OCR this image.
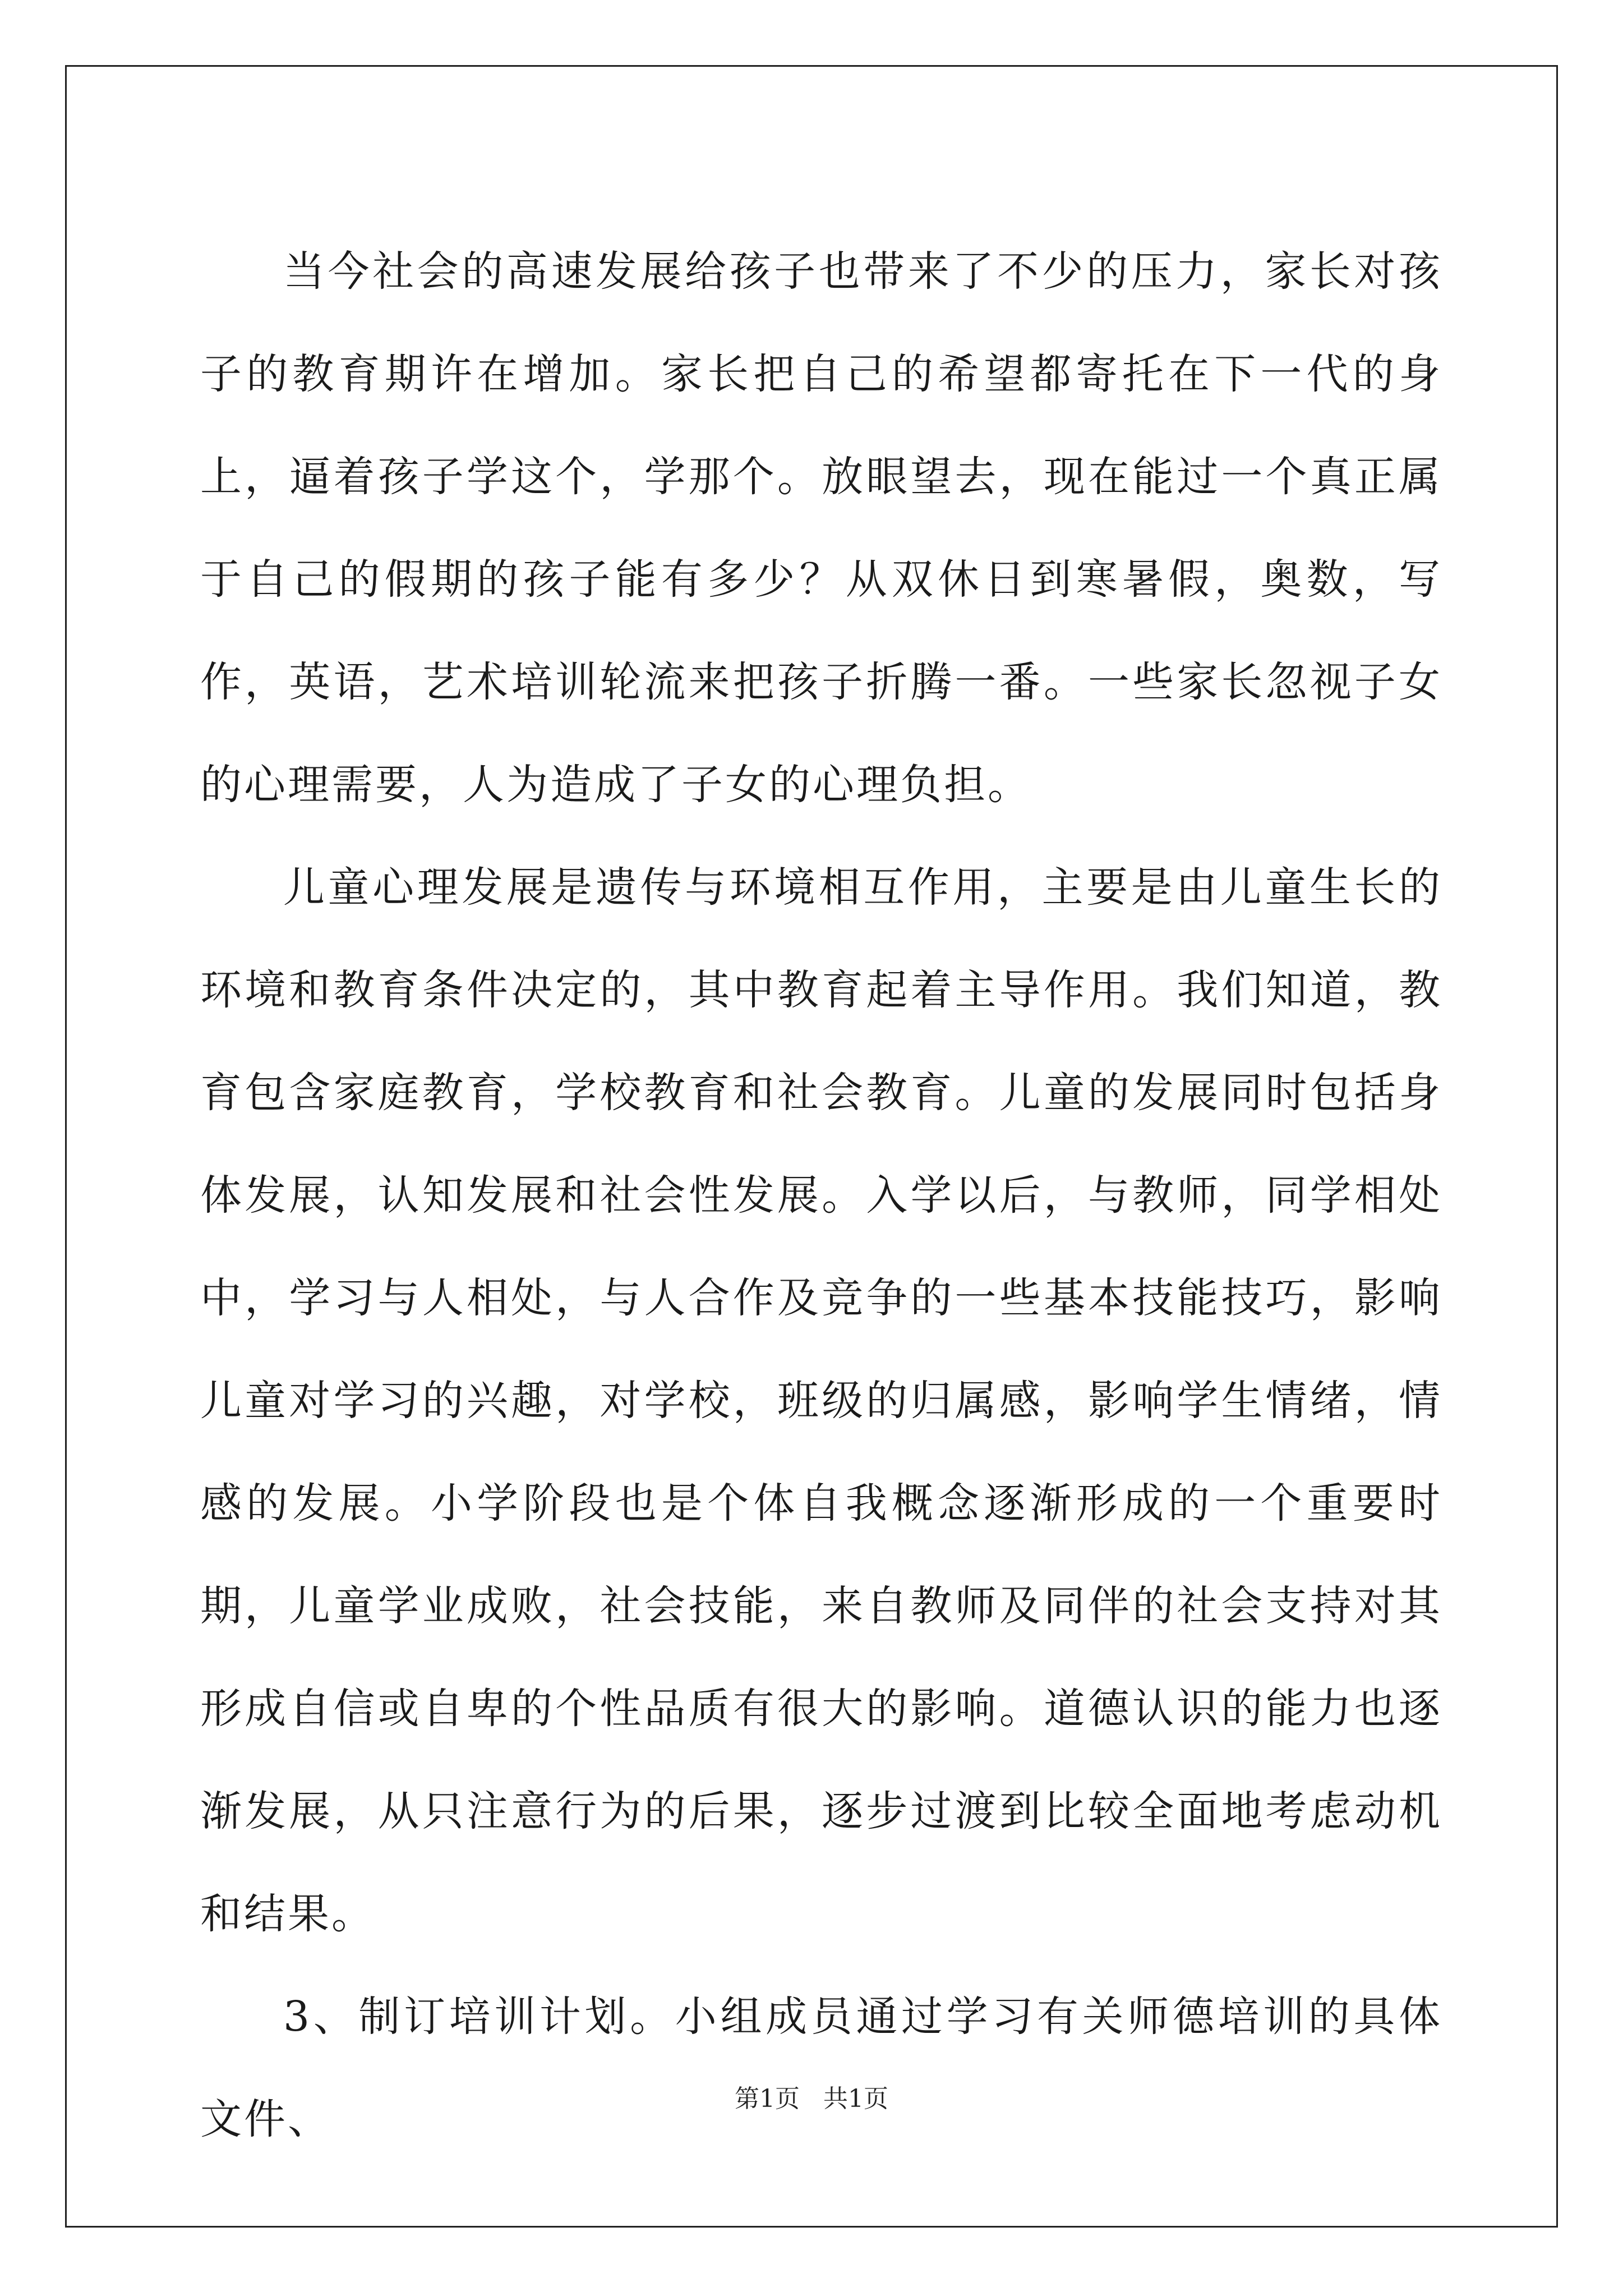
当今社会的高速发展给孩子也带来了不少的压力，家长对孩子的教育期许在增加。家长把自己的希望都寄托在下一代的身上，逼着孩子学这个，学那个。放眼望去，现在能过一个真正属于自己的假期的孩子能有多少？从双休日到寒暑假，奥数，写作，英语，艺术培训轮流来把孩子折腾一番。一些家长忽视子女的心理需要，人为造成了子女的心理负担。

儿童心理发展是遗传与环境相互作用，主要是由儿童生长的环境和教育条件决定的，其中教育起着主导作用。我们知道，教育包含家庭教育，学校教育和社会教育。儿童的发展同时包括身体发展，认知发展和社会性发展。入学以后，与教师，同学相处中，学习与人相处，与人合作及竞争的一些基本技能技巧，影响儿童对学习的兴趣，对学校，班级的归属感，影响学生情绪，情感的发展。小学阶段也是个体自我概念逐渐形成的一个重要时期，儿童学业成败，社会技能，来自教师及同伴的社会支持对其形成自信或自卑的个性品质有很大的影响。道德认识的能力也逐渐发展，从只注意行为的后果，逐步过渡到比较全面地考虑动机和结果。

3、制订培训计划。小组成员通过学习有关师德培训的具体文件、	第1页 共1页
